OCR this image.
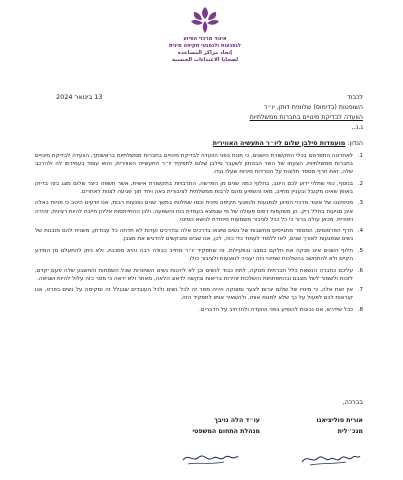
איגוד מרכזי הסיוע
לנפגעות ולנפגעי תקיפה מינית
إتحاد مراكز المساعدة
لضحايا الاعتداءات الجنسية
13 בינואר 2024	לכבוד
השופטות (בדימוס) שלומית דותן, יו״ר
הוועדה לבדיקת מינויים בחברות ממשלתיות
ג.נ.,
הנדון: מועמדות סילבן שלום ליו״ר התעשיה האווירית
1.
לאחרונה התפרסם בכלי התקשורת הישגים, כי תונח בפני הוועדה לבדיקת מינויים בחברות ממשלתיות בראשותך, הוועדה לבדיקת מינויים בחברות ממשלתיות, הצעתו של השר הבטחון לשעבר סילבן שלום לתפקיד יו״ר התעשייה האווירית, והוא עומד בעמידתו לה ולהרכב שלה, זאת חרף מספר תלונות על הטרדות מיניות שעלו נגדו.
2.
בנוסף, כפי שתלוי ידוע לכם היטב, בחלוף כמה שנים מן הפרשה, התרבויות בתקשורת אישית, אשר חשפה כיצד שלום מצג בזה בדיוק באופן שאינו מקובל ובעניין מחייב, מאז והשפיע מהם לרבות ממשלתית לציבורית באה ויחד תוך פגיעה לצוות לאחרים.
3.
מניסיוננו של איגוד מרכזי הסיוע לנפגעות ולנפגעי תקיפה מינית וכמו שמלוות במשך שנים נפגעות רבות, אנו יודעים היטב כי פניות כאלה אינן מגיעות בחלל ריק. הן משקפות דפוס פעולה של מי שנמצא בעמדת כוח והשפעה, ולכן ההתייחסות אליהן חייבת להיות רצינית, זהירה ויסודית. מכאן עולה ברור כי כל ככל לציבור משמעות מיוחדת לנושא המינוי.
4.
חרף הפרסומים, המספר מתגייסים מחשבות של נשים שיצאו בדרכים אלה ובדרכים ועדות לא תדחה כל עבודתן, משנית להם מובנות של נשים שנפגעות לאורך שנים, לאו ללמוד לעמוד כדי כזה, לכן, אנו שבים ומבקשים להדגיש את מצבן.
5.
חלוף השנים אינו מנקה את חלקם במצב ובפעילות, זה שתפקיד יו״ר מחייב כבודה רבה והיא מסכנת, ולא ניתן להתעלם מן המידע הקיים ולא להתחשב בהשלכות שמינוי כזה יעביר לנפגעות ולציבור כולו.
6.
עליכם כחברה הנשאת כלל חברתית מנוקה, לתת כבוד לנשים וכן לא ליהנות נשים השחורות שכל השמחות והחשבון שלה פעם יקדם, לזכות ולשמור לשל מצבם ובהתפתחות והשלכות זהירות בריאות ובקשה לדאוג הלאה, מאחר ולא יראה כי מסר כזה עלול להיות ושגיאה.
7.
אין זאת אלה, כי מינויו של שלום יגרום לצער ומצוקה ויהיה מסר זה לכל נשים ולכל העובדים שבגלל זה ומקימה על נשים בפרט, אנו קוראות לכם לפעול על כך שלא למנות אותו, ולהשאיר אותו לתפקיד הזה.
8.
ככל שידרש, אנו נכונות להופיע בפני הוועדה ולהרחיב על הדברים.
בברכה,
אורית סוליציאנו
מנכ״לית
עו״ד הלה נויבך
מנהלת התחום המשפטי
